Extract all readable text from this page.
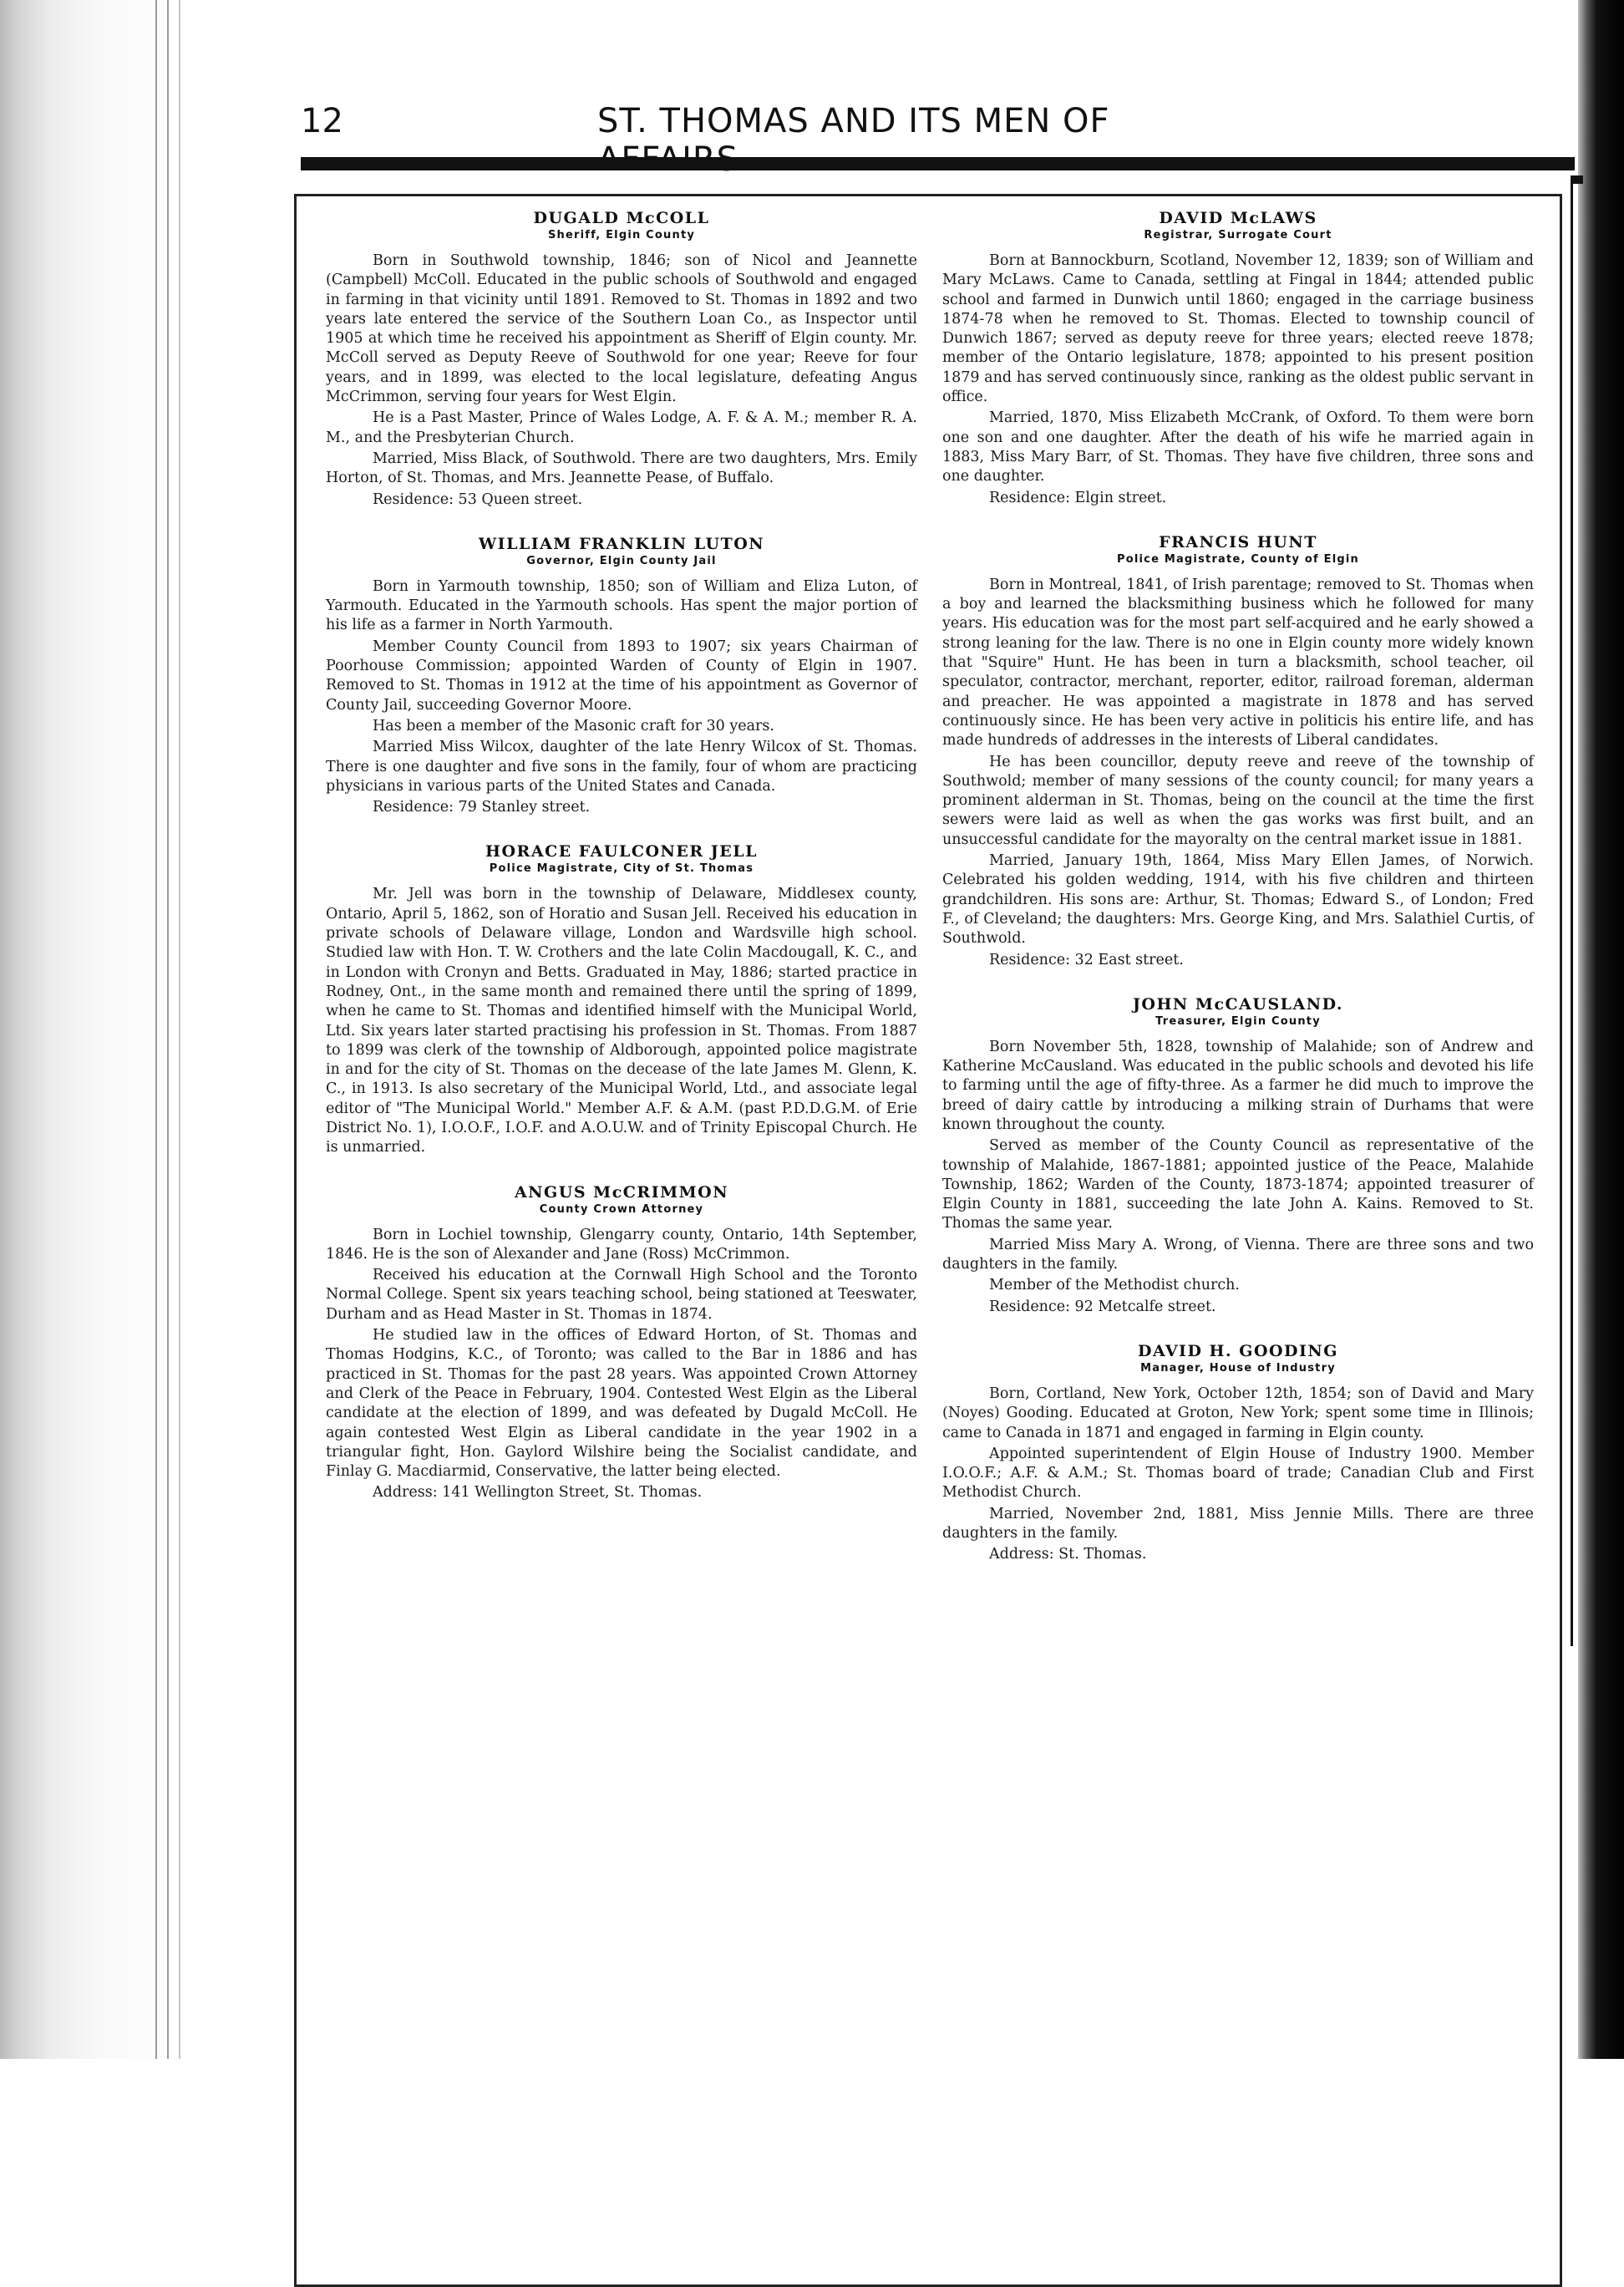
12	ST. THOMAS AND ITS MEN OF
DUGALD McCOLL
Sheriff, Elgin County

Born in Southwold township, 1846; son of Nicol and Jeannette (Campbell) McColl. Educated in the public schools of Southwold and engaged in farming in that vicinity until 1891. Removed to St. Thomas in 1892 and two years late entered the service of the Southern Loan Co., as Inspector until 1905 at which time he received his appointment as Sheriff of Elgin county. Mr. McColl served as Deputy Reeve of Southwold for one year; Reeve for four years, and in 1899, was elected to the local legislature, defeating Angus McCrimmon, serving four years for West Elgin.

He is a Past Master, Prince of Wales Lodge, A. F. & A. M.; member R. A. M., and the Presbyterian Church.

Married, Miss Black, of Southwold. There are two daughters, Mrs. Emily Horton, of St. Thomas, and Mrs. Jeannette Pease, of Buffalo.

Residence: 53 Queen street.

WILLIAM FRANKLIN LUTON
Governor, Elgin County Jail

Born in Yarmouth township, 1850; son of William and Eliza Luton, of Yarmouth. Educated in the Yarmouth schools. Has spent the major portion of his life as a farmer in North Yarmouth.

Member County Council from 1893 to 1907; six years Chairman of Poorhouse Commission; appointed Warden of County of Elgin in 1907. Removed to St. Thomas in 1912 at the time of his appointment as Governor of County Jail, succeeding Governor Moore.

Has been a member of the Masonic craft for 30 years.

Married Miss Wilcox, daughter of the late Henry Wilcox of St. Thomas. There is one daughter and five sons in the family, four of whom are practicing physicians in various parts of the United States and Canada.

Residence: 79 Stanley street.

HORACE FAULCONER JELL
Police Magistrate, City of St. Thomas

Mr. Jell was born in the township of Delaware, Middlesex county, Ontario, April 5, 1862, son of Horatio and Susan Jell. Received his education in private schools of Delaware village, London and Wardsville high school. Studied law with Hon. T. W. Crothers and the late Colin Macdougall, K. C., and in London with Cronyn and Betts. Graduated in May, 1886; started practice in Rodney, Ont., in the same month and remained there until the spring of 1899, when he came to St. Thomas and identified himself with the Municipal World, Ltd. Six years later started practising his profession in St. Thomas. From 1887 to 1899 was clerk of the township of Aldborough, appointed police magistrate in and for the city of St. Thomas on the decease of the late James M. Glenn, K. C., in 1913. Is also secretary of the Municipal World, Ltd., and associate legal editor of "The Municipal World." Member A.F. & A.M. (past P.D.D.G.M. of Erie District No. 1), I.O.O.F., I.O.F. and A.O.U.W. and of Trinity Episcopal Church. He is unmarried.

ANGUS McCRIMMON
County Crown Attorney

Born in Lochiel township, Glengarry county, Ontario, 14th September, 1846. He is the son of Alexander and Jane (Ross) McCrimmon.

Received his education at the Cornwall High School and the Toronto Normal College. Spent six years teaching school, being stationed at Teeswater, Durham and as Head Master in St. Thomas in 1874.

He studied law in the offices of Edward Horton, of St. Thomas and Thomas Hodgins, K.C., of Toronto; was called to the Bar in 1886 and has practiced in St. Thomas for the past 28 years. Was appointed Crown Attorney and Clerk of the Peace in February, 1904. Contested West Elgin as the Liberal candidate at the election of 1899, and was defeated by Dugald McColl. He again contested West Elgin as Liberal candidate in the year 1902 in a triangular fight, Hon. Gaylord Wilshire being the Socialist candidate, and Finlay G. Macdiarmid, Conservative, the latter being elected.

Address: 141 Wellington Street, St. Thomas.

DAVID McLAWS
Registrar, Surrogate Court

Born at Bannockburn, Scotland, November 12, 1839; son of William and Mary McLaws. Came to Canada, settling at Fingal in 1844; attended public school and farmed in Dunwich until 1860; engaged in the carriage business 1874-78 when he removed to St. Thomas. Elected to township council of Dunwich 1867; served as deputy reeve for three years; elected reeve 1878; member of the Ontario legislature, 1878; appointed to his present position 1879 and has served continuously since, ranking as the oldest public servant in office.

Married, 1870, Miss Elizabeth McCrank, of Oxford. To them were born one son and one daughter. After the death of his wife he married again in 1883, Miss Mary Barr, of St. Thomas. They have five children, three sons and one daughter.

Residence: Elgin street.

FRANCIS HUNT
Police Magistrate, County of Elgin

Born in Montreal, 1841, of Irish parentage; removed to St. Thomas when a boy and learned the blacksmithing business which he followed for many years. His education was for the most part self-acquired and he early showed a strong leaning for the law. There is no one in Elgin county more widely known that "Squire" Hunt. He has been in turn a blacksmith, school teacher, oil speculator, contractor, merchant, reporter, editor, railroad foreman, alderman and preacher. He was appointed a magistrate in 1878 and has served continuously since. He has been very active in politicis his entire life, and has made hundreds of addresses in the interests of Liberal candidates.

He has been councillor, deputy reeve and reeve of the township of Southwold; member of many sessions of the county council; for many years a prominent alderman in St. Thomas, being on the council at the time the first sewers were laid as well as when the gas works was first built, and an unsuccessful candidate for the mayoralty on the central market issue in 1881.

Married, January 19th, 1864, Miss Mary Ellen James, of Norwich. Celebrated his golden wedding, 1914, with his five children and thirteen grandchildren. His sons are: Arthur, St. Thomas; Edward S., of London; Fred F., of Cleveland; the daughters: Mrs. George King, and Mrs. Salathiel Curtis, of Southwold.

Residence: 32 East street.

JOHN McCAUSLAND.
Treasurer, Elgin County

Born November 5th, 1828, township of Malahide; son of Andrew and Katherine McCausland. Was educated in the public schools and devoted his life to farming until the age of fifty-three. As a farmer he did much to improve the breed of dairy cattle by introducing a milking strain of Durhams that were known throughout the county.

Served as member of the County Council as representative of the township of Malahide, 1867-1881; appointed justice of the Peace, Malahide Township, 1862; Warden of the County, 1873-1874; appointed treasurer of Elgin County in 1881, succeeding the late John A. Kains. Removed to St. Thomas the same year.

Married Miss Mary A. Wrong, of Vienna. There are three sons and two daughters in the family.

Member of the Methodist church.

Residence: 92 Metcalfe street.

DAVID H. GOODING
Manager, House of Industry

Born, Cortland, New York, October 12th, 1854; son of David and Mary (Noyes) Gooding. Educated at Groton, New York; spent some time in Illinois; came to Canada in 1871 and engaged in farming in Elgin county.

Appointed superintendent of Elgin House of Industry 1900. Member I.O.O.F.; A.F. & A.M.; St. Thomas board of trade; Canadian Club and First Methodist Church.

Married, November 2nd, 1881, Miss Jennie Mills. There are three daughters in the family.

Address: St. Thomas.
